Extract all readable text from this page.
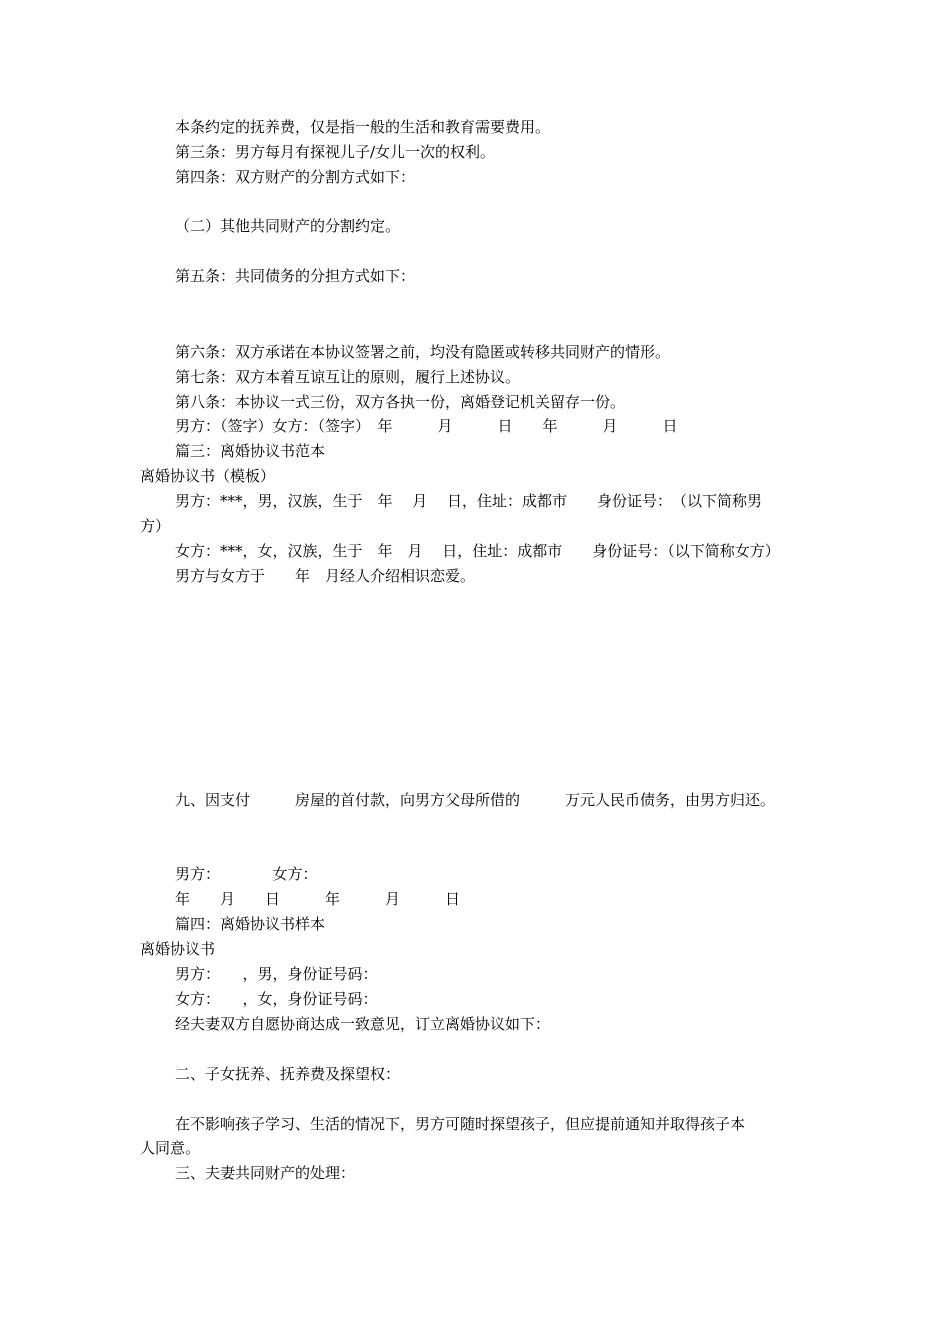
本条约定的抚养费，仅是指一般的生活和教育需要费用。

第三条：男方每月有探视儿子/女儿一次的权利。

第四条：双方财产的分割方式如下：

（二）其他共同财产的分割约定。

第五条：共同债务的分担方式如下：

第六条：双方承诺在本协议签署之前，均没有隐匿或转移共同财产的情形。

第七条：双方本着互谅互让的原则，履行上述协议。

第八条：本协议一式三份，双方各执一份，离婚登记机关留存一份。

男方：（签字）女方：（签字）　年　　　月　　　日　　年　　　月　　　日

篇三：离婚协议书范本

离婚协议书（模板）

男方：***，男，汉族，生于　年　 月　 日，住址：成都市　　身份证号：　（以下简称男

方）

女方：***，女，汉族，生于　年　月　 日，住址：成都市　　身份证号：（以下简称女方）

男方与女方于　　年　月经人介绍相识恋爱。

九、因支付　　　房屋的首付款，向男方父母所借的　　　万元人民币债务，由男方归还。

男方：　　　　女方：

年　　月　　日　　　年　　　月　　　日

篇四：离婚协议书样本

离婚协议书

男方：　　，男，身份证号码：

女方：　　，女，身份证号码：

经夫妻双方自愿协商达成一致意见，订立离婚协议如下：

二、子女抚养、抚养费及探望权：

在不影响孩子学习、生活的情况下，男方可随时探望孩子，但应提前通知并取得孩子本

人同意。

三、夫妻共同财产的处理：
